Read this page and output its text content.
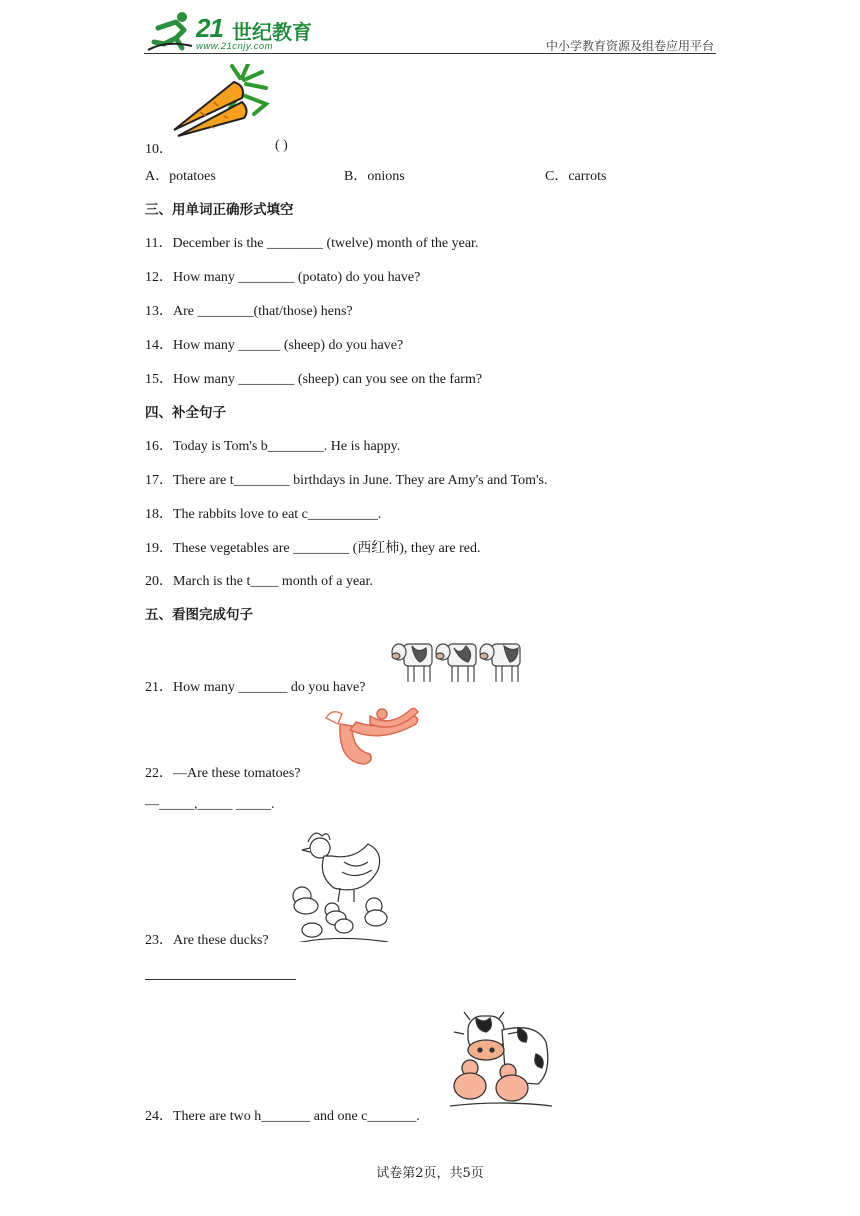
21 世纪教育
www.21cnjy.com	中小学教育资源及组卷应用平台
10．	( )
A．potatoes	B．onions	C．carrots
三、用单词正确形式填空
11．December is the ________ (twelve) month of the year.
12．How many ________ (potato) do you have?
13．Are ________(that/those) hens?
14．How many ______ (sheep) do you have?
15．How many ________ (sheep) can you see on the farm?
四、补全句子
16．Today is Tom's b________. He is happy.
17．There are t________ birthdays in June. They are Amy's and Tom's.
18．The rabbits love to eat c__________.
19．These vegetables are ________ (西红柿), they are red.
20．March is the t____ month of a year.
五、看图完成句子
21．How many _______ do you have?
22．—Are these tomatoes?
—_____,_____ _____.
23．Are these ducks?
24．There are two h_______ and one c_______.
试卷第2页，共5页
